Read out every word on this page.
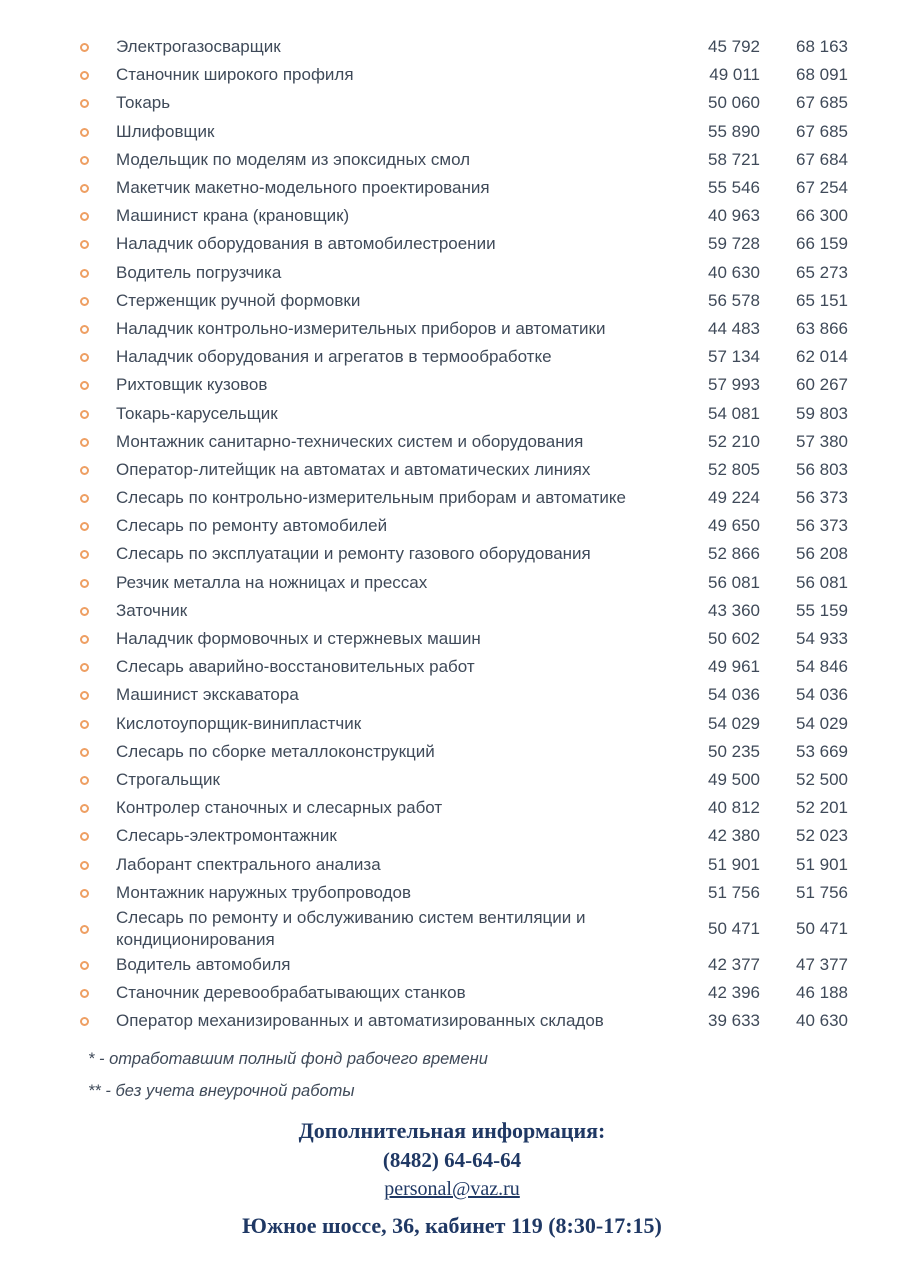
Электрогазосварщик	45 792	68 163
Станочник широкого профиля	49 011	68 091
Токарь	50 060	67 685
Шлифовщик	55 890	67 685
Модельщик по моделям из эпоксидных смол	58 721	67 684
Макетчик макетно-модельного проектирования	55 546	67 254
Машинист крана (крановщик)	40 963	66 300
Наладчик оборудования в автомобилестроении	59 728	66 159
Водитель погрузчика	40 630	65 273
Стерженщик ручной формовки	56 578	65 151
Наладчик контрольно-измерительных приборов и автоматики	44 483	63 866
Наладчик оборудования и агрегатов в термообработке	57 134	62 014
Рихтовщик кузовов	57 993	60 267
Токарь-карусельщик	54 081	59 803
Монтажник санитарно-технических систем и оборудования	52 210	57 380
Оператор-литейщик на автоматах и автоматических линиях	52 805	56 803
Слесарь по контрольно-измерительным приборам и автоматике	49 224	56 373
Слесарь по ремонту автомобилей	49 650	56 373
Слесарь по эксплуатации и ремонту газового оборудования	52 866	56 208
Резчик металла на ножницах и прессах	56 081	56 081
Заточник	43 360	55 159
Наладчик формовочных и стержневых машин	50 602	54 933
Слесарь аварийно-восстановительных работ	49 961	54 846
Машинист экскаватора	54 036	54 036
Кислотоупорщик-винипластчик	54 029	54 029
Слесарь по сборке металлоконструкций	50 235	53 669
Строгальщик	49 500	52 500
Контролер станочных и слесарных работ	40 812	52 201
Слесарь-электромонтажник	42 380	52 023
Лаборант спектрального анализа	51 901	51 901
Монтажник наружных трубопроводов	51 756	51 756
Слесарь по ремонту и обслуживанию систем вентиляции и кондиционирования
50 471	50 471
Водитель автомобиля	42 377	47 377
Станочник деревообрабатывающих станков	42 396	46 188
Оператор механизированных и автоматизированных складов	39 633	40 630

* - отработавшим полный фонд рабочего времени

** - без учета внеурочной работы

Дополнительная информация:

(8482) 64-64-64

personal@vaz.ru

Южное шоссе, 36, кабинет 119 (8:30-17:15)
